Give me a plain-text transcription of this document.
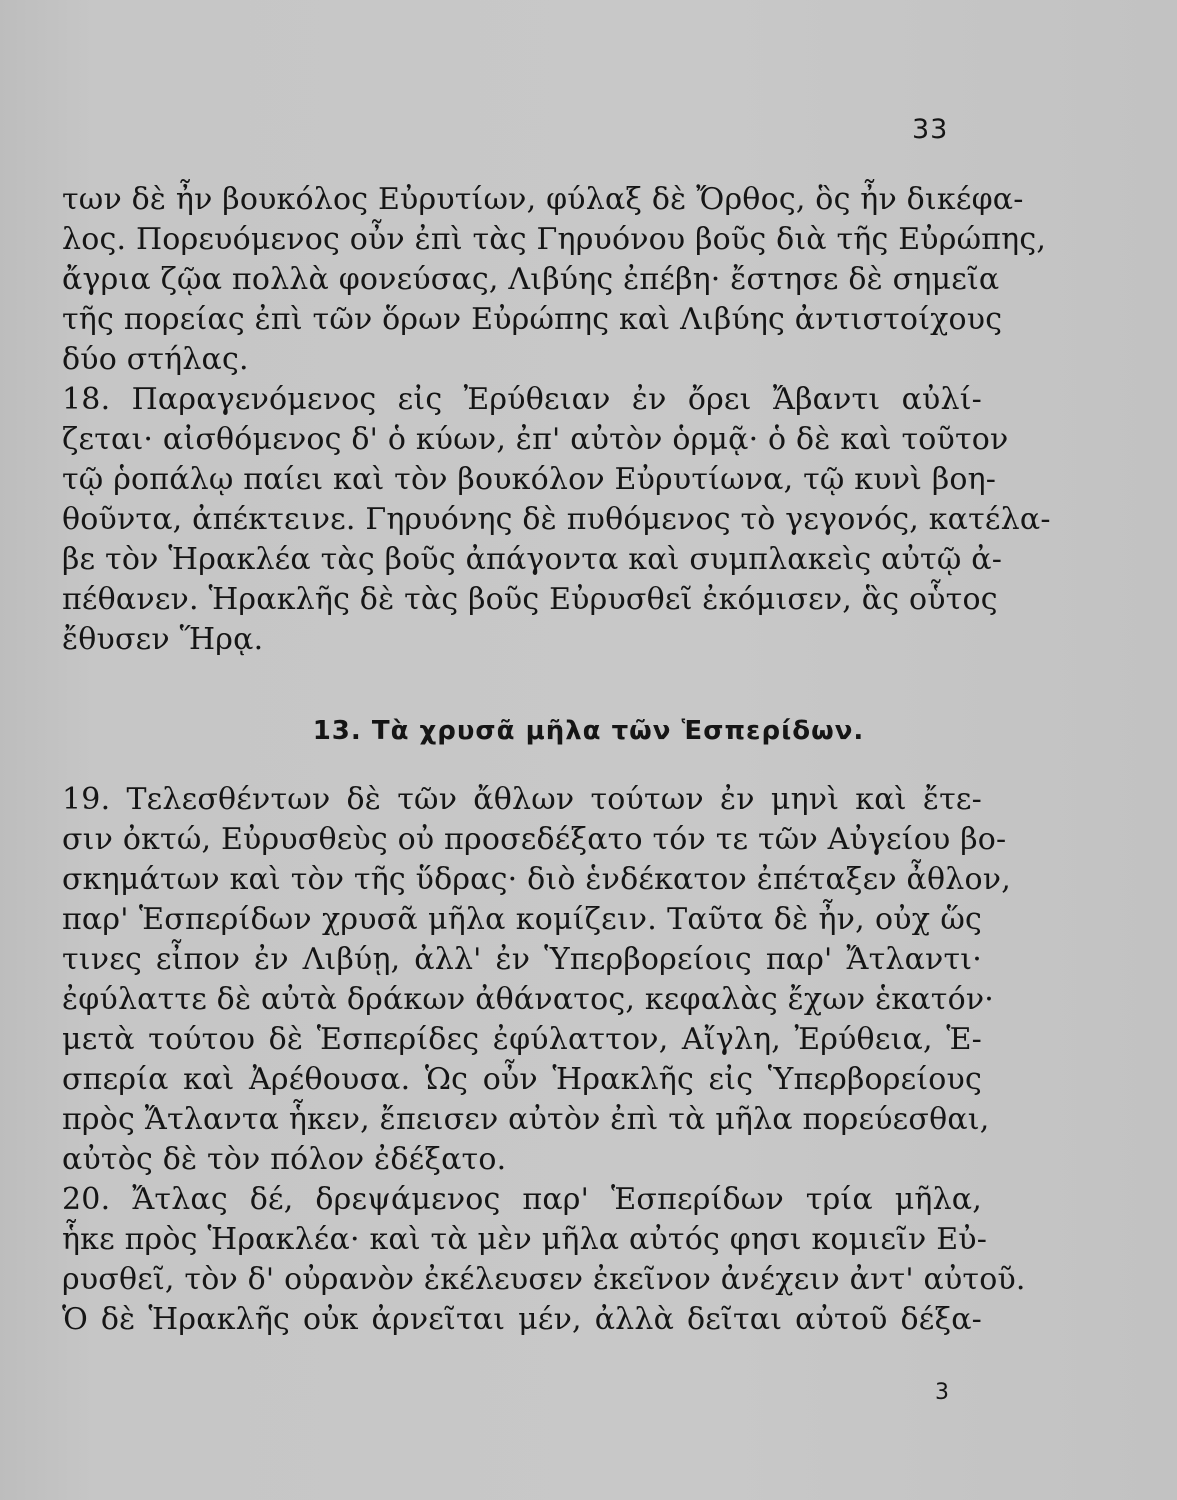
33
των δὲ ἦν βουκόλος Εὐρυτίων, φύλαξ δὲ Ὄρθος, ὃς ἦν δικέφα-
λος. Πορευόμενος οὖν ἐπὶ τὰς Γηρυόνου βοῦς διὰ τῆς Εὐρώπης,
ἄγρια ζῷα πολλὰ φονεύσας, Λιβύης ἐπέβη· ἔστησε δὲ σημεῖα
τῆς πορείας ἐπὶ τῶν ὅρων Εὐρώπης καὶ Λιβύης ἀντιστοίχους
δύο στήλας.
18. Παραγενόμενος εἰς Ἐρύθειαν ἐν ὄρει Ἄβαντι αὐλί-
ζεται· αἰσθόμενος δ' ὁ κύων, ἐπ' αὐτὸν ὁρμᾷ· ὁ δὲ καὶ τοῦτον
τῷ ῥοπάλῳ παίει καὶ τὸν βουκόλον Εὐρυτίωνα, τῷ κυνὶ βοη-
θοῦντα, ἀπέκτεινε. Γηρυόνης δὲ πυθόμενος τὸ γεγονός, κατέλα-
βε τὸν Ἡρακλέα τὰς βοῦς ἀπάγοντα καὶ συμπλακεὶς αὐτῷ ἀ-
πέθανεν. Ἡρακλῆς δὲ τὰς βοῦς Εὐρυσθεῖ ἐκόμισεν, ἃς οὗτος
ἔθυσεν Ἥρᾳ.
13. Τὰ χρυσᾶ μῆλα τῶν Ἑσπερίδων.
19. Τελεσθέντων δὲ τῶν ἄθλων τούτων ἐν μηνὶ καὶ ἔτε-
σιν ὀκτώ, Εὐρυσθεὺς οὐ προσεδέξατο τόν τε τῶν Αὐγείου βο-
σκημάτων καὶ τὸν τῆς ὕδρας· διὸ ἑνδέκατον ἐπέταξεν ἆθλον,
παρ' Ἑσπερίδων χρυσᾶ μῆλα κομίζειν. Ταῦτα δὲ ἦν, οὐχ ὥς
τινες εἶπον ἐν Λιβύῃ, ἀλλ' ἐν Ὑπερβορείοις παρ' Ἄτλαντι·
ἐφύλαττε δὲ αὐτὰ δράκων ἀθάνατος, κεφαλὰς ἔχων ἑκατόν·
μετὰ τούτου δὲ Ἑσπερίδες ἐφύλαττον, Αἴγλη, Ἐρύθεια, Ἑ-
σπερία καὶ Ἀρέθουσα. Ὡς οὖν Ἡρακλῆς εἰς Ὑπερβορείους
πρὸς Ἄτλαντα ἧκεν, ἔπεισεν αὐτὸν ἐπὶ τὰ μῆλα πορεύεσθαι,
αὐτὸς δὲ τὸν πόλον ἐδέξατο.
20. Ἄτλας δέ, δρεψάμενος παρ' Ἑσπερίδων τρία μῆλα,
ἧκε πρὸς Ἡρακλέα· καὶ τὰ μὲν μῆλα αὐτός φησι κομιεῖν Εὐ-
ρυσθεῖ, τὸν δ' οὐρανὸν ἐκέλευσεν ἐκεῖνον ἀνέχειν ἀντ' αὐτοῦ.
Ὁ δὲ Ἡρακλῆς οὐκ ἀρνεῖται μέν, ἀλλὰ δεῖται αὐτοῦ δέξα-
3
